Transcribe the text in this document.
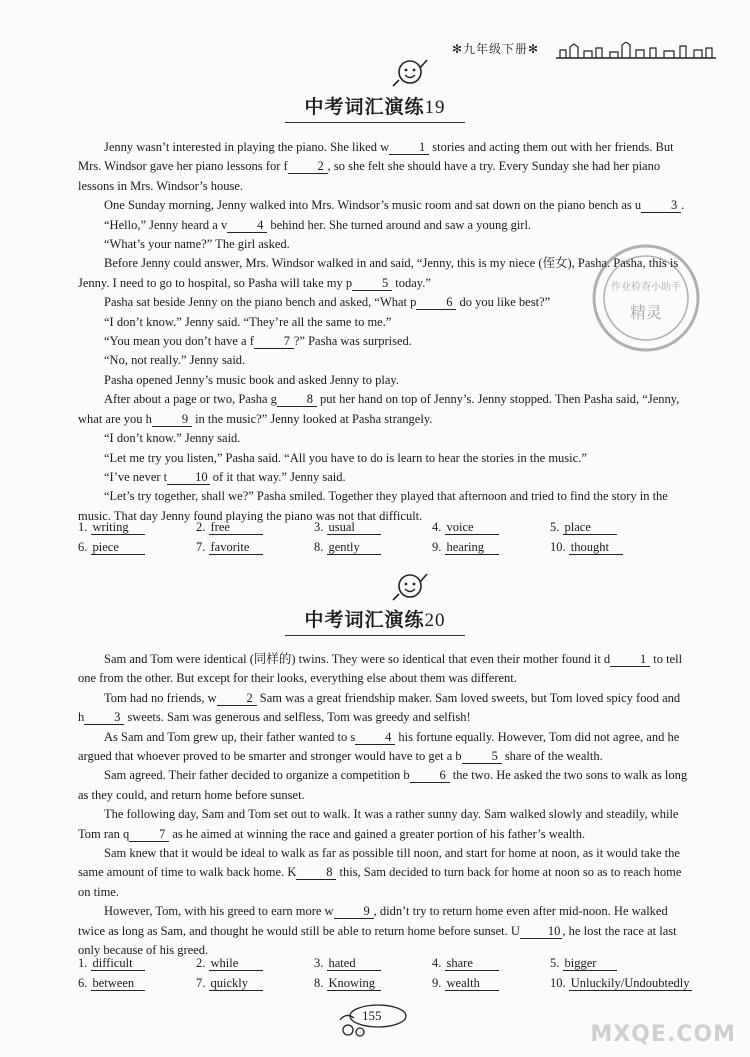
✻九年级下册✻
中考词汇演练19

Jenny wasn’t interested in playing the piano. She liked w 1 stories and acting them out with her friends. But Mrs. Windsor gave her piano lessons for f 2 , so she felt she should have a try. Every Sunday she had her piano lessons in Mrs. Windsor’s house.

One Sunday morning, Jenny walked into Mrs. Windsor’s music room and sat down on the piano bench as u 3 .

“Hello,” Jenny heard a v 4 behind her. She turned around and saw a young girl.

“What’s your name?” The girl asked.

Before Jenny could answer, Mrs. Windsor walked in and said, “Jenny, this is my niece (侄女), Pasha. Pasha, this is Jenny. I need to go to hospital, so Pasha will take my p 5 today.”

Pasha sat beside Jenny on the piano bench and asked, “What p 6 do you like best?”

“I don’t know.” Jenny said. “They’re all the same to me.”

“You mean you don’t have a f 7 ?” Pasha was surprised.

“No, not really.” Jenny said.

Pasha opened Jenny’s music book and asked Jenny to play.

After about a page or two, Pasha g 8 put her hand on top of Jenny’s. Jenny stopped. Then Pasha said, “Jenny, what are you h 9 in the music?” Jenny looked at Pasha strangely.

“I don’t know.” Jenny said.

“Let me try you listen,” Pasha said. “All you have to do is learn to hear the stories in the music.”

“I’ve never t 10 of it that way.” Jenny said.

“Let’s try together, shall we?” Pasha smiled. Together they played that afternoon and tried to find the story in the music. That day Jenny found playing the piano was not that difficult.

1. writing	2. free	3. usual	4. voice	5. place
6. piece	7. favorite	8. gently	9. hearing	10. thought
中考词汇演练20

Sam and Tom were identical (同样的) twins. They were so identical that even their mother found it d 1 to tell one from the other. But except for their looks, everything else about them was different.

Tom had no friends, w 2 Sam was a great friendship maker. Sam loved sweets, but Tom loved spicy food and h 3 sweets. Sam was generous and selfless, Tom was greedy and selfish!

As Sam and Tom grew up, their father wanted to s 4 his fortune equally. However, Tom did not agree, and he argued that whoever proved to be smarter and stronger would have to get a b 5 share of the wealth.

Sam agreed. Their father decided to organize a competition b 6 the two. He asked the two sons to walk as long as they could, and return home before sunset.

The following day, Sam and Tom set out to walk. It was a rather sunny day. Sam walked slowly and steadily, while Tom ran q 7 as he aimed at winning the race and gained a greater portion of his father’s wealth.

Sam knew that it would be ideal to walk as far as possible till noon, and start for home at noon, as it would take the same amount of time to walk back home. K 8 this, Sam decided to turn back for home at noon so as to reach home on time.

However, Tom, with his greed to earn more w 9 , didn’t try to return home even after mid-noon. He walked twice as long as Sam, and thought he would still be able to return home before sunset. U 10 , he lost the race at last only because of his greed.

1. difficult	2. while	3. hated	4. share	5. bigger
6. between	7. quickly	8. Knowing	9. wealth	10. Unluckily/Undoubtedly
作业检查小助手
精灵
155
MXQE.COM
